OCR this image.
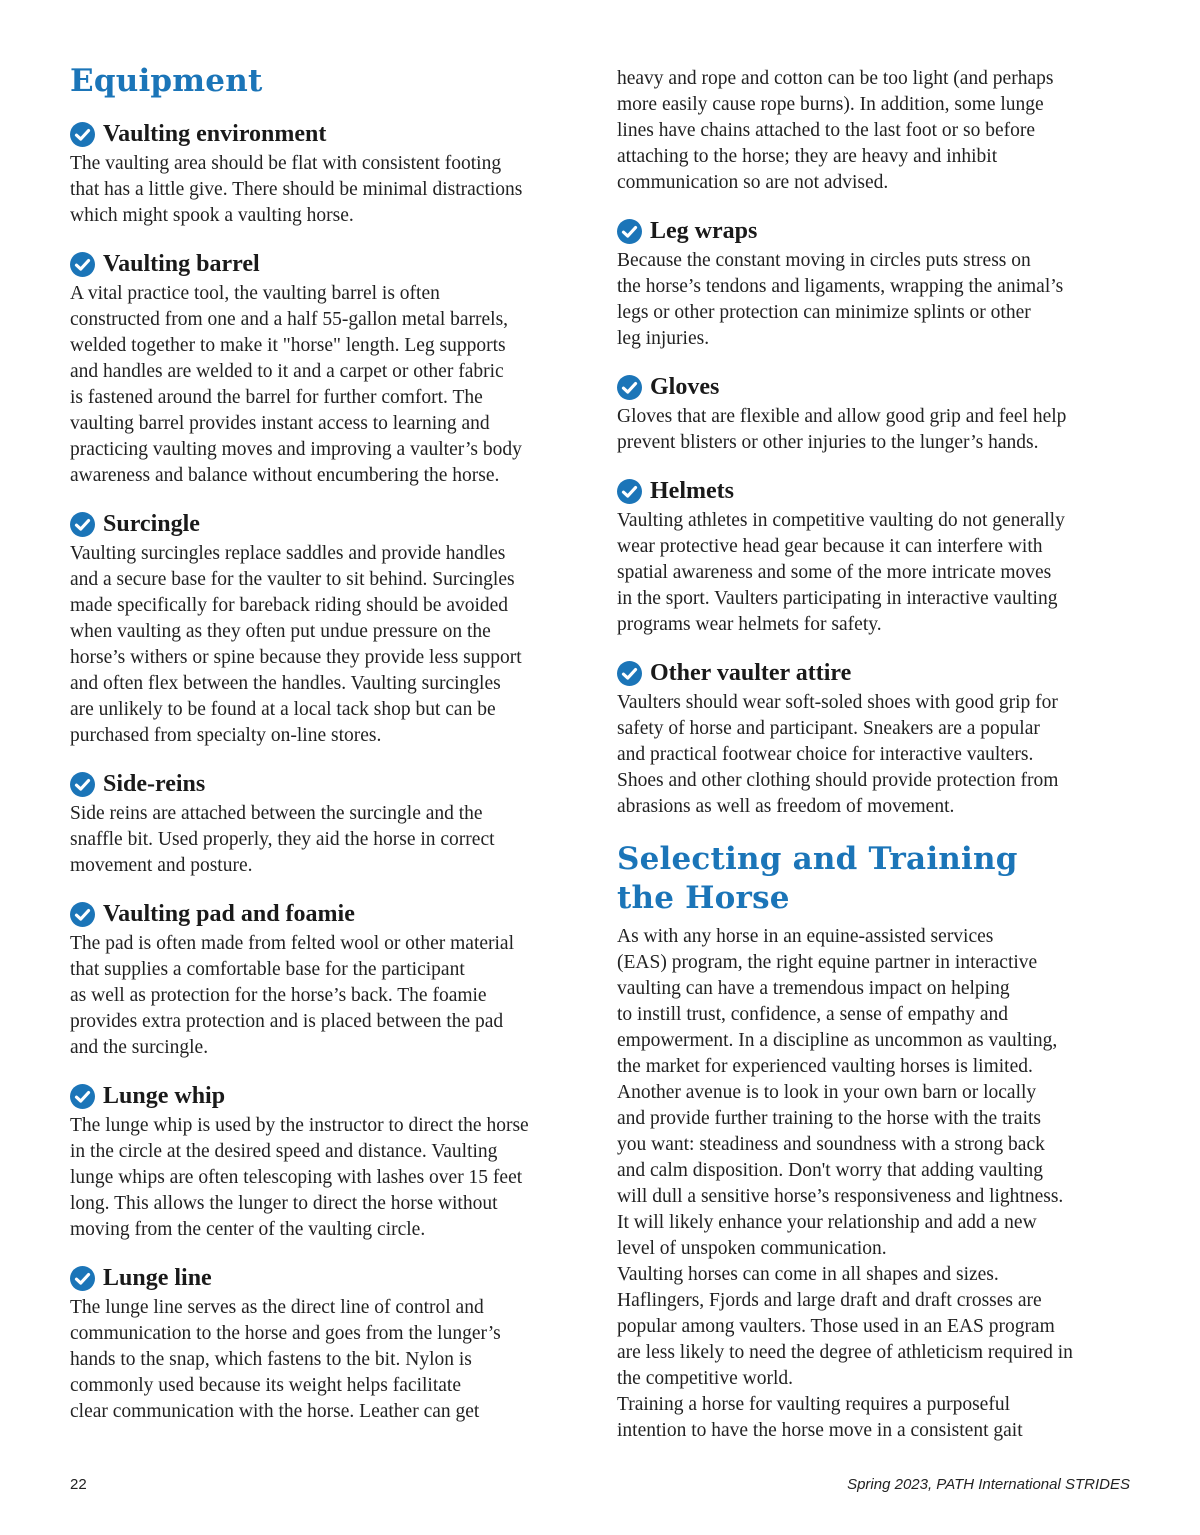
Equipment
Vaulting environment

The vaulting area should be flat with consistent footing
that has a little give. There should be minimal distractions
which might spook a vaulting horse.

Vaulting barrel

A vital practice tool, the vaulting barrel is often
constructed from one and a half 55-gallon metal barrels,
welded together to make it "horse" length. Leg supports
and handles are welded to it and a carpet or other fabric
is fastened around the barrel for further comfort. The
vaulting barrel provides instant access to learning and
practicing vaulting moves and improving a vaulter’s body
awareness and balance without encumbering the horse.

Surcingle

Vaulting surcingles replace saddles and provide handles
and a secure base for the vaulter to sit behind. Surcingles
made specifically for bareback riding should be avoided
when vaulting as they often put undue pressure on the
horse’s withers or spine because they provide less support
and often flex between the handles. Vaulting surcingles
are unlikely to be found at a local tack shop but can be
purchased from specialty on-line stores.

Side-reins

Side reins are attached between the surcingle and the
snaffle bit. Used properly, they aid the horse in correct
movement and posture.

Vaulting pad and foamie

The pad is often made from felted wool or other material
that supplies a comfortable base for the participant
as well as protection for the horse’s back. The foamie
provides extra protection and is placed between the pad
and the surcingle.

Lunge whip

The lunge whip is used by the instructor to direct the horse
in the circle at the desired speed and distance. Vaulting
lunge whips are often telescoping with lashes over 15 feet
long. This allows the lunger to direct the horse without
moving from the center of the vaulting circle.

Lunge line

The lunge line serves as the direct line of control and
communication to the horse and goes from the lunger’s
hands to the snap, which fastens to the bit. Nylon is
commonly used because its weight helps facilitate
clear communication with the horse. Leather can get

heavy and rope and cotton can be too light (and perhaps
more easily cause rope burns). In addition, some lunge
lines have chains attached to the last foot or so before
attaching to the horse; they are heavy and inhibit
communication so are not advised.

Leg wraps

Because the constant moving in circles puts stress on
the horse’s tendons and ligaments, wrapping the animal’s
legs or other protection can minimize splints or other
leg injuries.

Gloves

Gloves that are flexible and allow good grip and feel help
prevent blisters or other injuries to the lunger’s hands.

Helmets

Vaulting athletes in competitive vaulting do not generally
wear protective head gear because it can interfere with
spatial awareness and some of the more intricate moves
in the sport. Vaulters participating in interactive vaulting
programs wear helmets for safety.

Other vaulter attire

Vaulters should wear soft-soled shoes with good grip for
safety of horse and participant. Sneakers are a popular
and practical footwear choice for interactive vaulters.
Shoes and other clothing should provide protection from
abrasions as well as freedom of movement.

Selecting and Training
the Horse

As with any horse in an equine-assisted services
(EAS) program, the right equine partner in interactive
vaulting can have a tremendous impact on helping
to instill trust, confidence, a sense of empathy and
empowerment. In a discipline as uncommon as vaulting,
the market for experienced vaulting horses is limited.
Another avenue is to look in your own barn or locally
and provide further training to the horse with the traits
you want: steadiness and soundness with a strong back
and calm disposition. Don't worry that adding vaulting
will dull a sensitive horse’s responsiveness and lightness.
It will likely enhance your relationship and add a new
level of unspoken communication.

Vaulting horses can come in all shapes and sizes.
Haflingers, Fjords and large draft and draft crosses are
popular among vaulters. Those used in an EAS program
are less likely to need the degree of athleticism required in
the competitive world.

Training a horse for vaulting requires a purposeful
intention to have the horse move in a consistent gait

22	Spring 2023, PATH International STRIDES
